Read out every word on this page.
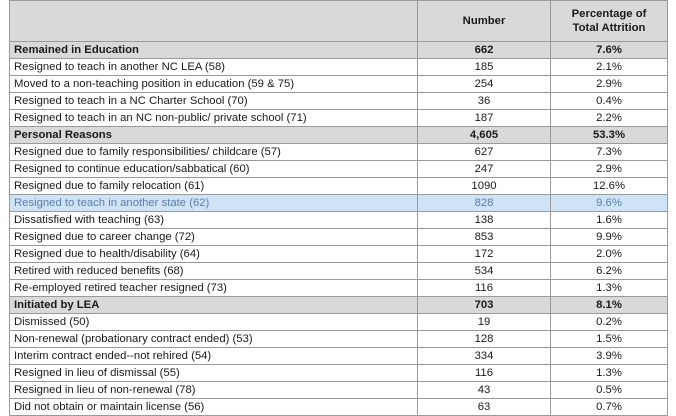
	Number	Percentage of
Total Attrition
Remained in Education	662	7.6%
Resigned to teach in another NC LEA (58)	185	2.1%
Moved to a non-teaching position in education (59 & 75)	254	2.9%
Resigned to teach in a NC Charter School (70)	36	0.4%
Resigned to teach in an NC non-public/ private school (71)	187	2.2%
Personal Reasons	4,605	53.3%
Resigned due to family responsibilities/ childcare (57)	627	7.3%
Resigned to continue education/sabbatical (60)	247	2.9%
Resigned due to family relocation (61)	1090	12.6%
Resigned to teach in another state (62)	828	9.6%
Dissatisfied with teaching (63)	138	1.6%
Resigned due to career change (72)	853	9.9%
Resigned due to health/disability (64)	172	2.0%
Retired with reduced benefits (68)	534	6.2%
Re-employed retired teacher resigned (73)	116	1.3%
Initiated by LEA	703	8.1%
Dismissed (50)	19	0.2%
Non-renewal (probationary contract ended) (53)	128	1.5%
Interim contract ended--not rehired (54)	334	3.9%
Resigned in lieu of dismissal (55)	116	1.3%
Resigned in lieu of non-renewal (78)	43	0.5%
Did not obtain or maintain license (56)	63	0.7%
